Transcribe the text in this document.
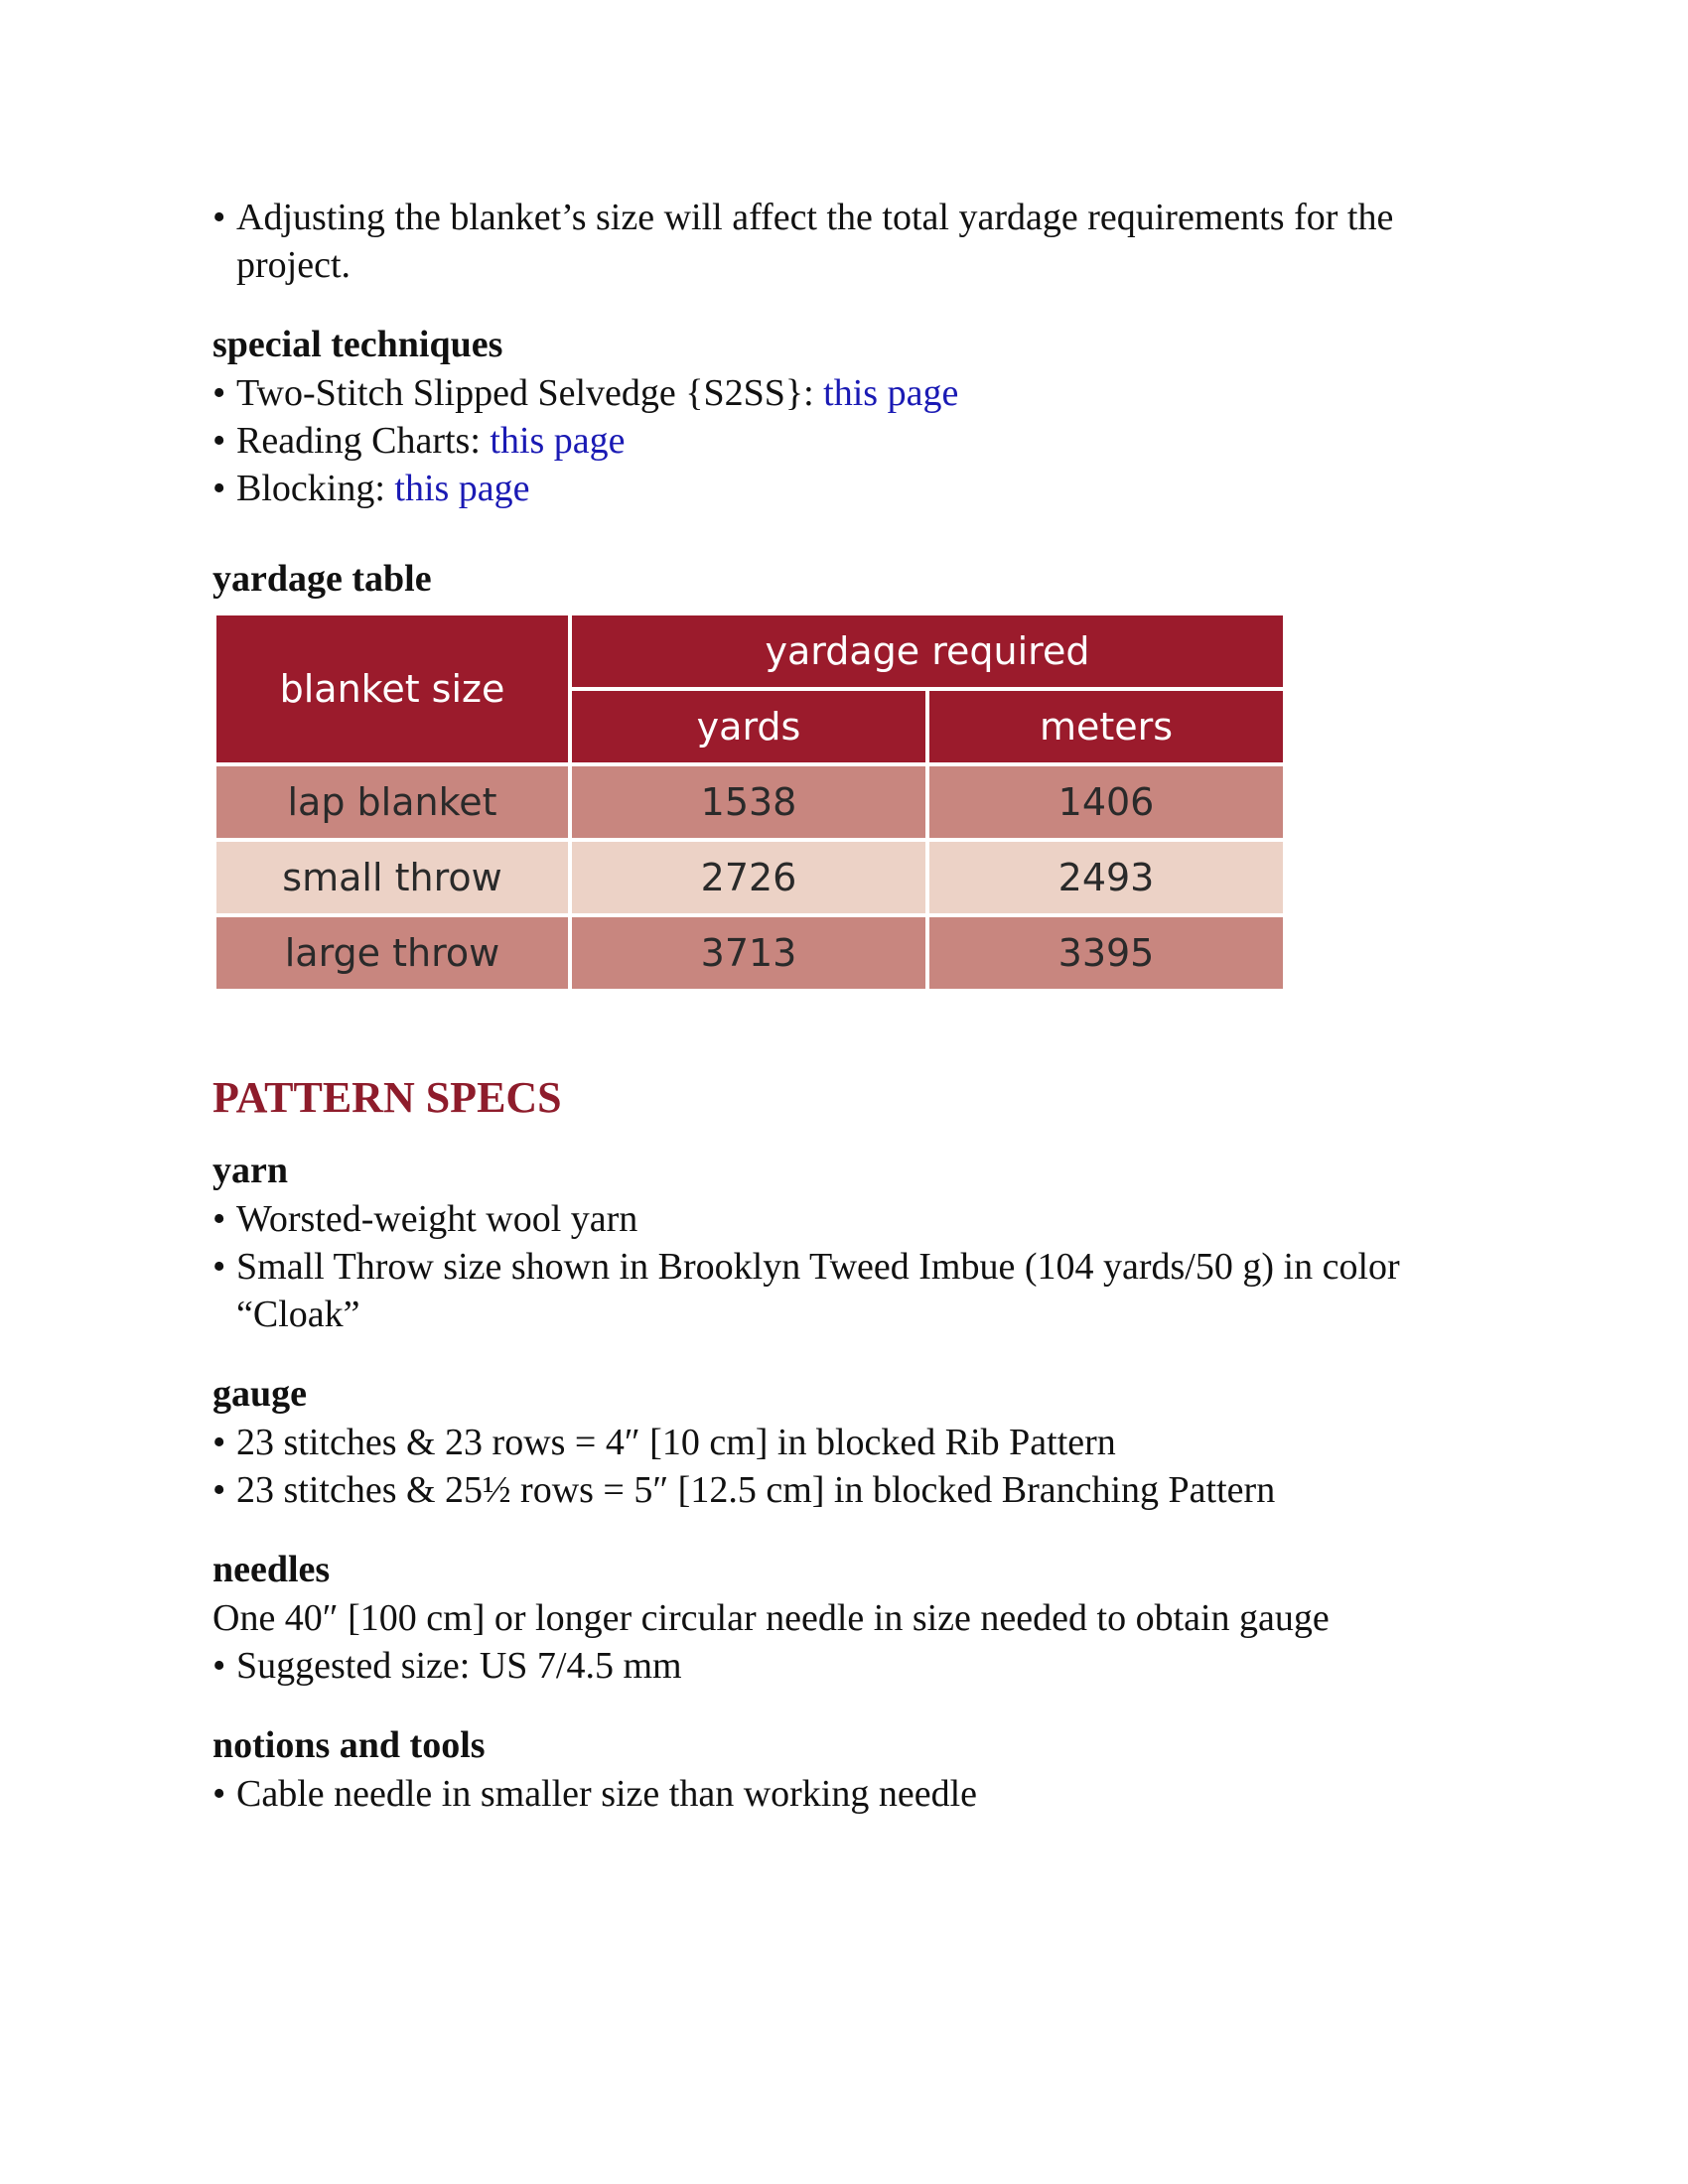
• Adjusting the blanket’s size will affect the total yardage requirements for the project.
special techniques
• Two-Stitch Slipped Selvedge {S2SS}: this page
• Reading Charts: this page
• Blocking: this page
yardage table
blanket size	yardage required	
	yards	meters
lap blanket	1538	1406
small throw	2726	2493
large throw	3713	3395
PATTERN SPECS
yarn
• Worsted-weight wool yarn
• Small Throw size shown in Brooklyn Tweed Imbue (104 yards/50 g) in color “Cloak”
gauge
• 23 stitches & 23 rows = 4″ [10 cm] in blocked Rib Pattern
• 23 stitches & 25½ rows = 5″ [12.5 cm] in blocked Branching Pattern
needles
One 40″ [100 cm] or longer circular needle in size needed to obtain gauge
• Suggested size: US 7/4.5 mm
notions and tools
• Cable needle in smaller size than working needle
